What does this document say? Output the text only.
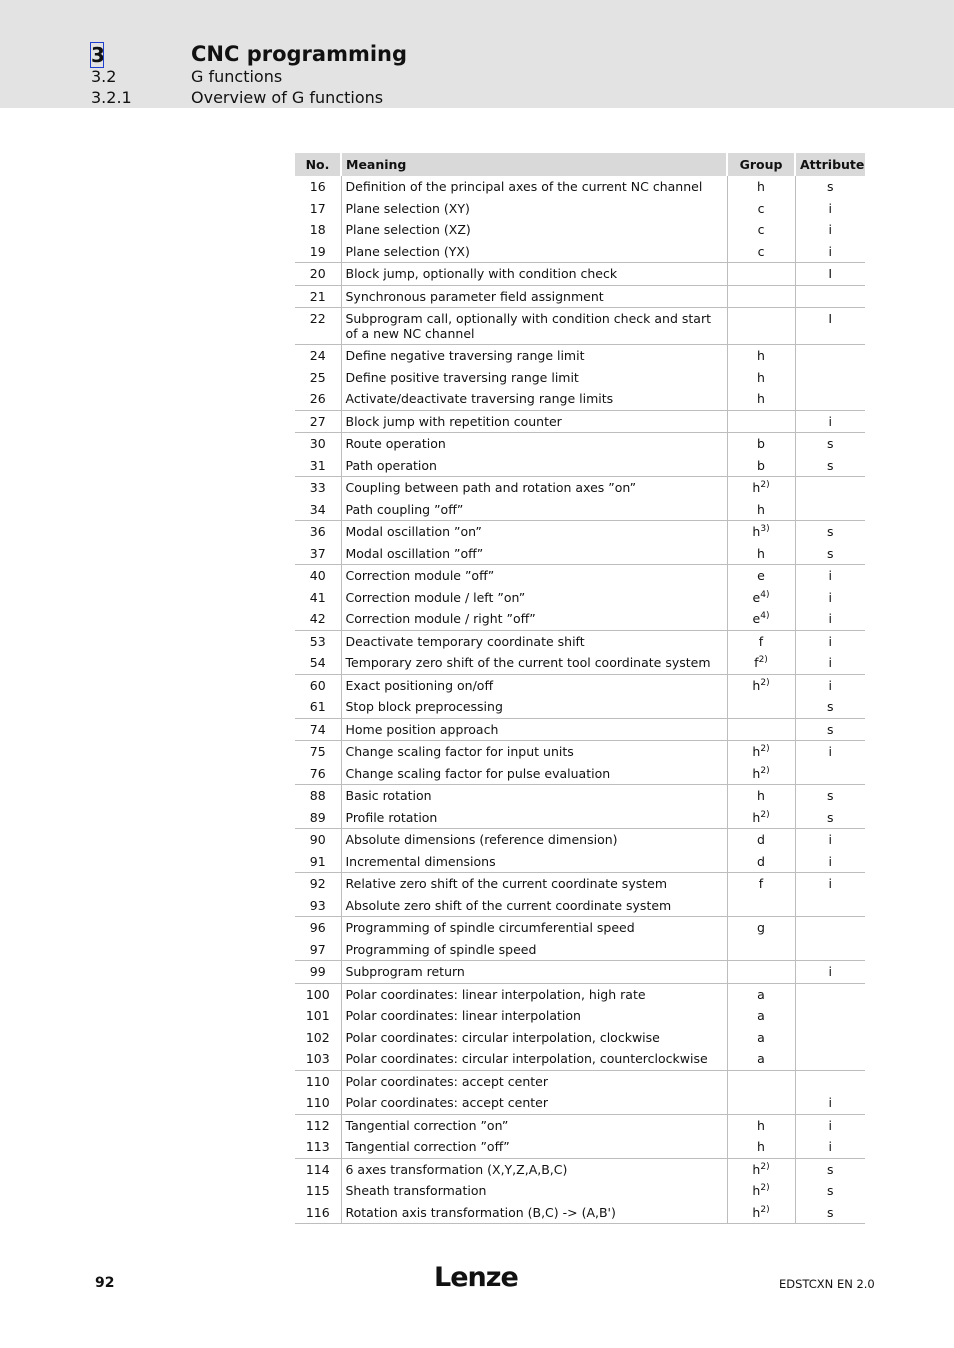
3	CNC programming
3.2	G functions
3.2.1	Overview of G functions
No.	Meaning	Group	Attribute
16	Definition of the principal axes of the current NC channel	h	s
17	Plane selection (XY)	c	i
18	Plane selection (XZ)	c	i
19	Plane selection (YX)	c	i
20	Block jump, optionally with condition check		I
21	Synchronous parameter field assignment		
22	Subprogram call, optionally with condition check and start of a new NC channel		I
24	Define negative traversing range limit	h	
25	Define positive traversing range limit	h	
26	Activate/deactivate traversing range limits	h	
27	Block jump with repetition counter		i
30	Route operation	b	s
31	Path operation	b	s
33	Coupling between path and rotation axes ”on”	$h^{2)}$	
34	Path coupling ”off”	h	
36	Modal oscillation ”on”	$h^{3)}$	s
37	Modal oscillation ”off”	h	s
40	Correction module ”off”	e	i
41	Correction module / left ”on”	$e^{4)}$	i
42	Correction module / right ”off”	$e^{4)}$	i
53	Deactivate temporary coordinate shift	f	i
54	Temporary zero shift of the current tool coordinate system	$f^{2)}$	i
60	Exact positioning on/off	$h^{2)}$	i
61	Stop block preprocessing		s
74	Home position approach		s
75	Change scaling factor for input units	$h^{2)}$	i
76	Change scaling factor for pulse evaluation	$h^{2)}$	
88	Basic rotation	h	s
89	Profile rotation	$h^{2)}$	s
90	Absolute dimensions (reference dimension)	d	i
91	Incremental dimensions	d	i
92	Relative zero shift of the current coordinate system	f	i
93	Absolute zero shift of the current coordinate system		
96	Programming of spindle circumferential speed	g	
97	Programming of spindle speed		
99	Subprogram return		i
100	Polar coordinates: linear interpolation, high rate	a	
101	Polar coordinates: linear interpolation	a	
102	Polar coordinates: circular interpolation, clockwise	a	
103	Polar coordinates: circular interpolation, counterclockwise	a	
110	Polar coordinates: accept center		
110	Polar coordinates: accept center		i
112	Tangential correction ”on”	h	i
113	Tangential correction ”off”	h	i
114	6 axes transformation (X,Y,Z,A,B,C)	$h^{2)}$	s
115	Sheath transformation	$h^{2)}$	s
116	Rotation axis transformation (B,C) -> (A,B')	$h^{2)}$	s
92	Lenze	EDSTCXN EN 2.0
